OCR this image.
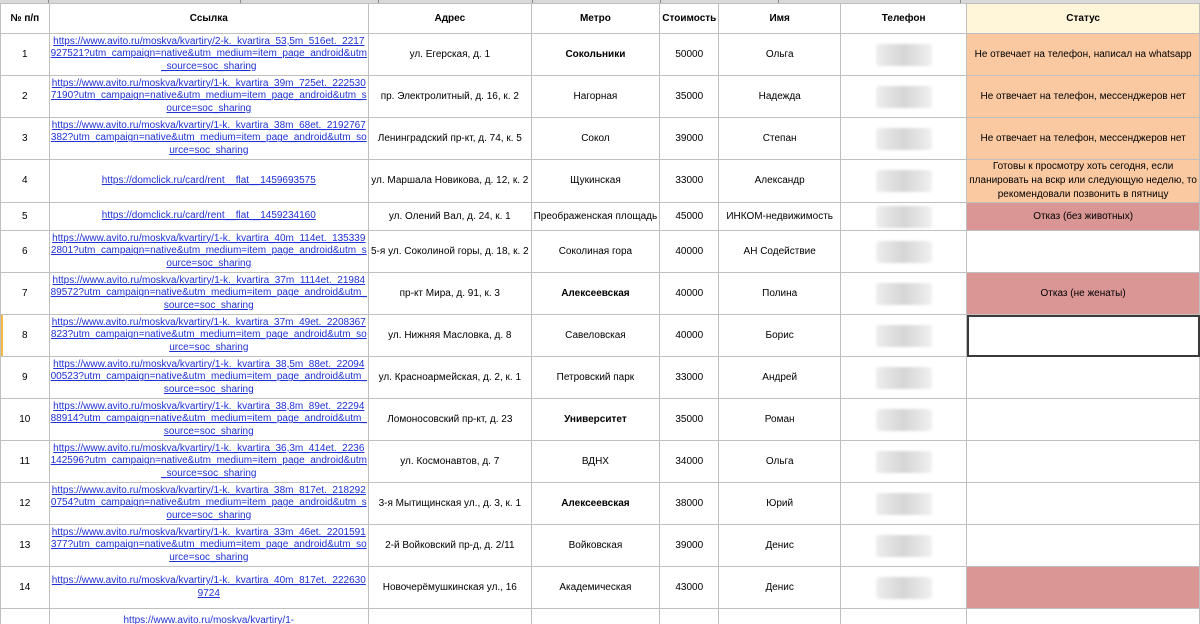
№ п/п	Ссылка	Адрес	Метро	Стоимость	Имя	Телефон	Статус
1	https://www.avito.ru/moskva/kvartiry/2-k._kvartira_53,5m_516et._2217927521?utm_campaign=native&utm_medium=item_page_android&utm_source=soc_sharing	ул. Егерская, д. 1	Сокольники	50000	Ольга		Не отвечает на телефон, написал на whatsapp
2	https://www.avito.ru/moskva/kvartiry/1-k._kvartira_39m_725et._2225307190?utm_campaign=native&utm_medium=item_page_android&utm_source=soc_sharing	пр. Электролитный, д. 16, к. 2	Нагорная	35000	Надежда		Не отвечает на телефон, мессенджеров нет
3	https://www.avito.ru/moskva/kvartiry/1-k._kvartira_38m_68et._2192767382?utm_campaign=native&utm_medium=item_page_android&utm_source=soc_sharing	Ленинградский пр-кт, д. 74, к. 5	Сокол	39000	Степан		Не отвечает на телефон, мессенджеров нет
4	https://domclick.ru/card/rent__flat__1459693575	ул. Маршала Новикова, д. 12, к. 2	Щукинская	33000	Александр		Готовы к просмотру хоть сегодня, если планировать на вскр или следующую неделю, то рекомендовали позвонить в пятницу
5	https://domclick.ru/card/rent__flat__1459234160	ул. Олений Вал, д. 24, к. 1	Преображенская площадь	45000	ИНКОМ-недвижимость		Отказ (без животных)
6	https://www.avito.ru/moskva/kvartiry/1-k._kvartira_40m_114et._1353392801?utm_campaign=native&utm_medium=item_page_android&utm_source=soc_sharing	5-я ул. Соколиной горы, д. 18, к. 2	Соколиная гора	40000	АН Содействие		
7	https://www.avito.ru/moskva/kvartiry/1-k._kvartira_37m_1114et._2198489572?utm_campaign=native&utm_medium=item_page_android&utm_source=soc_sharing	пр-кт Мира, д. 91, к. 3	Алексеевская	40000	Полина		Отказ (не женаты)
8	https://www.avito.ru/moskva/kvartiry/1-k._kvartira_37m_49et._2208367823?utm_campaign=native&utm_medium=item_page_android&utm_source=soc_sharing	ул. Нижняя Масловка, д. 8	Савеловская	40000	Борис		
9	https://www.avito.ru/moskva/kvartiry/1-k._kvartira_38,5m_88et._2209400523?utm_campaign=native&utm_medium=item_page_android&utm_source=soc_sharing	ул. Красноармейская, д. 2, к. 1	Петровский парк	33000	Андрей		
10	https://www.avito.ru/moskva/kvartiry/1-k._kvartira_38,8m_89et._2229488914?utm_campaign=native&utm_medium=item_page_android&utm_source=soc_sharing	Ломоносовский пр-кт, д. 23	Университет	35000	Роман		
11	https://www.avito.ru/moskva/kvartiry/1-k._kvartira_36,3m_414et._2236142596?utm_campaign=native&utm_medium=item_page_android&utm_source=soc_sharing	ул. Космонавтов, д. 7	ВДНХ	34000	Ольга		
12	https://www.avito.ru/moskva/kvartiry/1-k._kvartira_38m_817et._2182920754?utm_campaign=native&utm_medium=item_page_android&utm_source=soc_sharing	3-я Мытищинская ул., д. 3, к. 1	Алексеевская	38000	Юрий		
13	https://www.avito.ru/moskva/kvartiry/1-k._kvartira_33m_46et._2201591377?utm_campaign=native&utm_medium=item_page_android&utm_source=soc_sharing	2-й Войковский пр-д, д. 2/11	Войковская	39000	Денис		
14	https://www.avito.ru/moskva/kvartiry/1-k._kvartira_40m_817et._2226309724	Новочерёмушкинская ул., 16	Академическая	43000	Денис		
	https://www.avito.ru/moskva/kvartiry/1-						
